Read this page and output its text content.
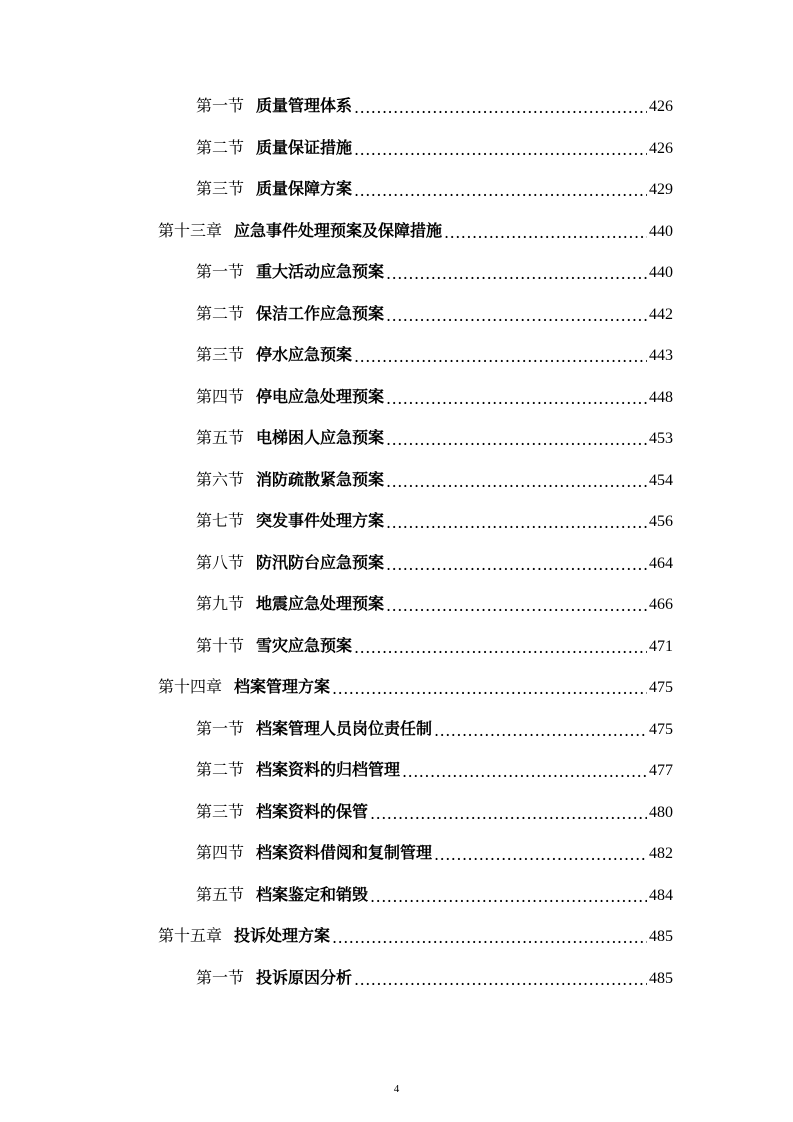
第一节 质量管理体系 .....	426
第二节 质量保证措施 .....	426
第三节 质量保障方案 .....	429
第十三章 应急事件处理预案及保障措施 .....	440
第一节 重大活动应急预案 .....	440
第二节 保洁工作应急预案 .....	442
第三节 停水应急预案 .....	443
第四节 停电应急处理预案 .....	448
第五节 电梯困人应急预案 .....	453
第六节 消防疏散紧急预案 .....	454
第七节 突发事件处理方案 .....	456
第八节 防汛防台应急预案 .....	464
第九节 地震应急处理预案 .....	466
第十节 雪灾应急预案 .....	471
第十四章 档案管理方案 .....	475
第一节 档案管理人员岗位责任制 .....	475
第二节 档案资料的归档管理 .....	477
第三节 档案资料的保管 .....	480
第四节 档案资料借阅和复制管理 .....	482
第五节 档案鉴定和销毁 .....	484
第十五章 投诉处理方案 .....	485
第一节 投诉原因分析 .....	485
4
